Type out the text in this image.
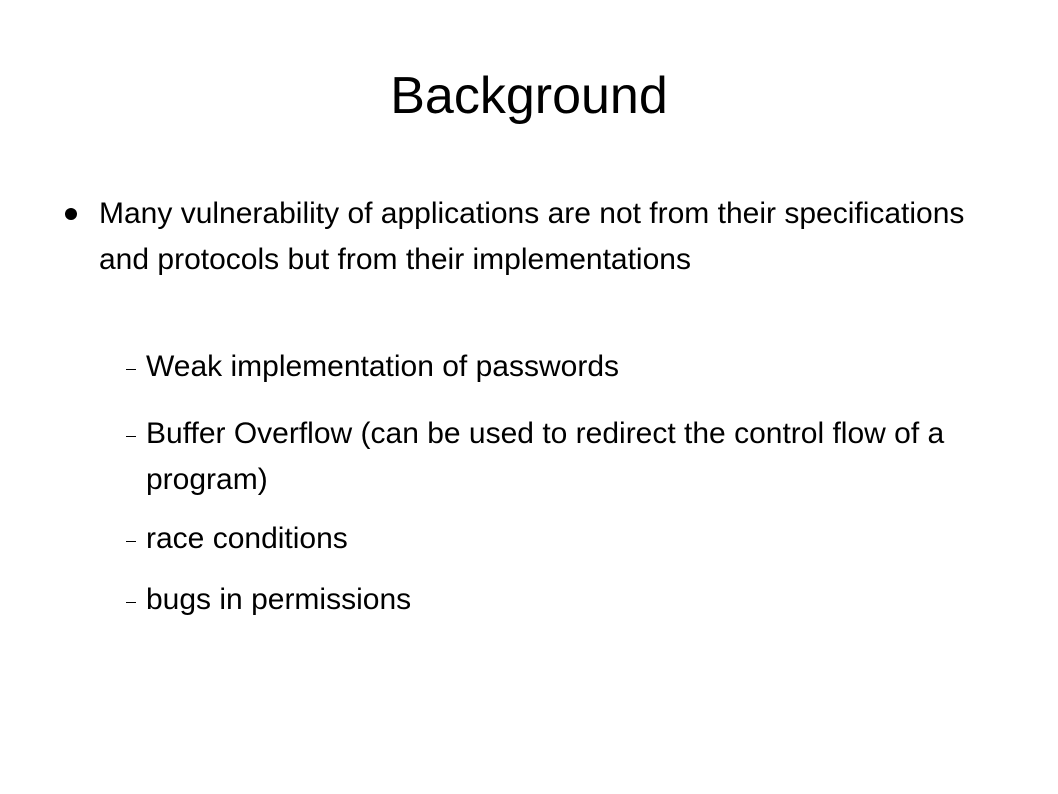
Background
Many vulnerability of applications are not from their specifications and protocols but from their implementations
Weak implementation of passwords
Buffer Overflow (can be used to redirect the control flow of a program)
race conditions
bugs in permissions
